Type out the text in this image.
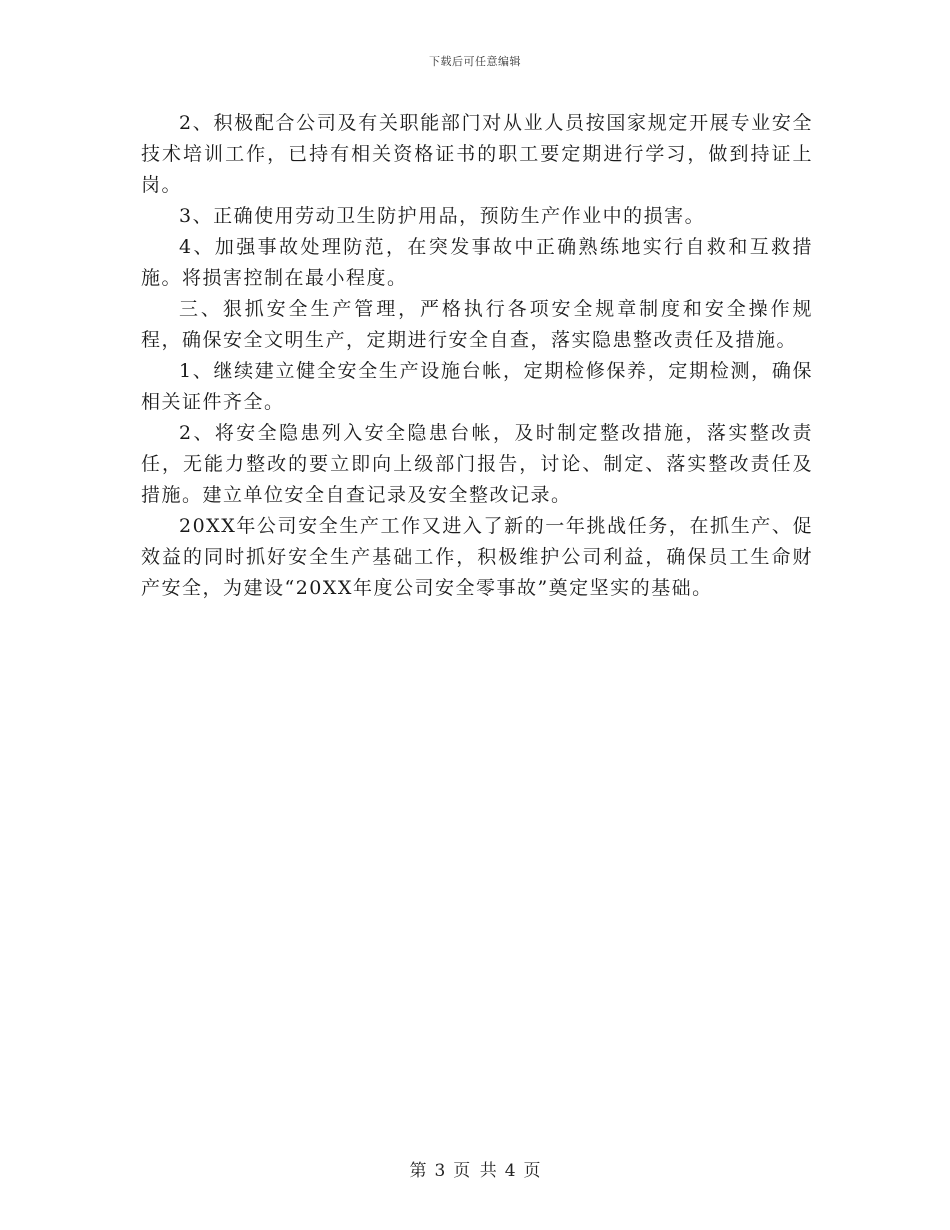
下载后可任意编辑

2、积极配合公司及有关职能部门对从业人员按国家规定开展专业安全技术培训工作，已持有相关资格证书的职工要定期进行学习，做到持证上岗。

3、正确使用劳动卫生防护用品，预防生产作业中的损害。

4、加强事故处理防范，在突发事故中正确熟练地实行自救和互救措施。将损害控制在最小程度。

三、狠抓安全生产管理，严格执行各项安全规章制度和安全操作规程，确保安全文明生产，定期进行安全自查，落实隐患整改责任及措施。

1、继续建立健全安全生产设施台帐，定期检修保养，定期检测，确保相关证件齐全。

2、将安全隐患列入安全隐患台帐，及时制定整改措施，落实整改责任，无能力整改的要立即向上级部门报告，讨论、制定、落实整改责任及措施。建立单位安全自查记录及安全整改记录。

20XX年公司安全生产工作又进入了新的一年挑战任务，在抓生产、促效益的同时抓好安全生产基础工作，积极维护公司利益，确保员工生命财产安全，为建设“20XX年度公司安全零事故”奠定坚实的基础。

第 3 页 共 4 页
